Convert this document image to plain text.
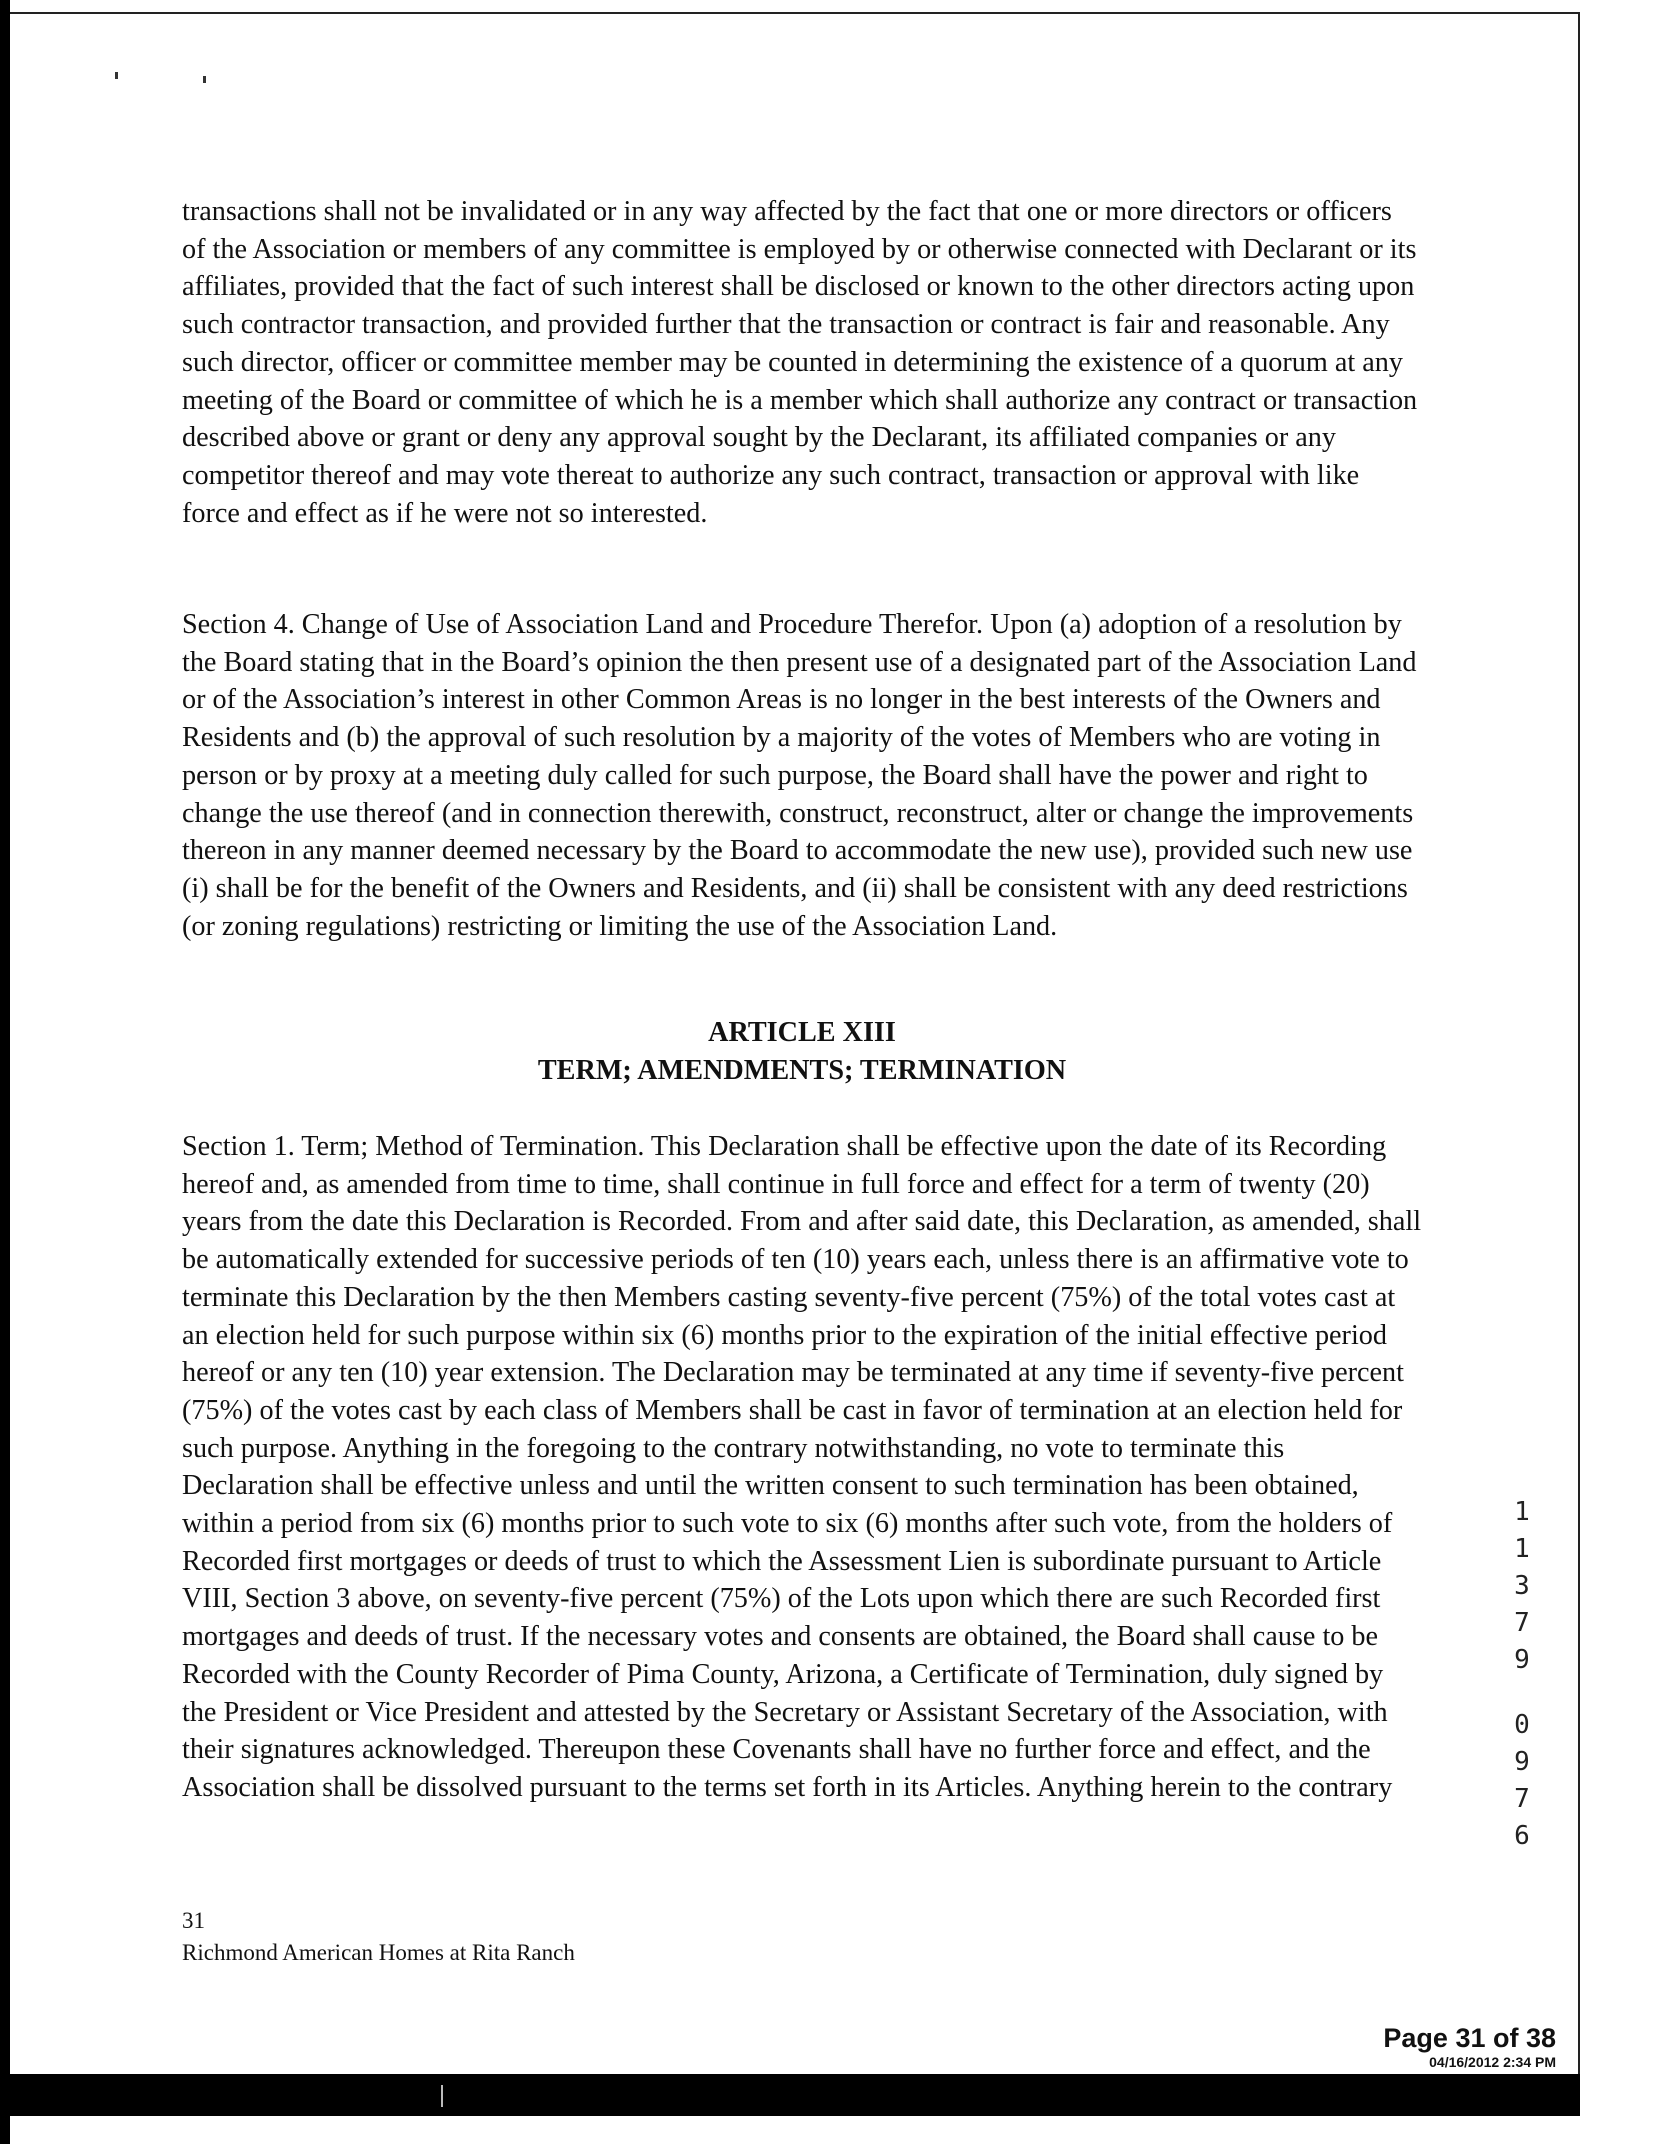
transactions shall not be invalidated or in any way affected by the fact that one or more directors or officers of the Association or members of any committee is employed by or otherwise connected with Declarant or its affiliates, provided that the fact of such interest shall be disclosed or known to the other directors acting upon such contractor transaction, and provided further that the transaction or contract is fair and reasonable. Any such director, officer or committee member may be counted in determining the existence of a quorum at any meeting of the Board or committee of which he is a member which shall authorize any contract or transaction described above or grant or deny any approval sought by the Declarant, its affiliated companies or any competitor thereof and may vote thereat to authorize any such contract, transaction or approval with like force and effect as if he were not so interested.

Section 4. Change of Use of Association Land and Procedure Therefor. Upon (a) adoption of a resolution by the Board stating that in the Board’s opinion the then present use of a designated part of the Association Land or of the Association’s interest in other Common Areas is no longer in the best interests of the Owners and Residents and (b) the approval of such resolution by a majority of the votes of Members who are voting in person or by proxy at a meeting duly called for such purpose, the Board shall have the power and right to change the use thereof (and in connection therewith, construct, reconstruct, alter or change the improvements thereon in any manner deemed necessary by the Board to accommodate the new use), provided such new use (i) shall be for the benefit of the Owners and Residents, and (ii) shall be consistent with any deed restrictions (or zoning regulations) restricting or limiting the use of the Association Land.

ARTICLE XIII
TERM; AMENDMENTS; TERMINATION

Section 1. Term; Method of Termination. This Declaration shall be effective upon the date of its Recording hereof and, as amended from time to time, shall continue in full force and effect for a term of twenty (20) years from the date this Declaration is Recorded. From and after said date, this Declaration, as amended, shall be automatically extended for successive periods of ten (10) years each, unless there is an affirmative vote to terminate this Declaration by the then Members casting seventy-five percent (75%) of the total votes cast at an election held for such purpose within six (6) months prior to the expiration of the initial effective period hereof or any ten (10) year extension. The Declaration may be terminated at any time if seventy-five percent (75%) of the votes cast by each class of Members shall be cast in favor of termination at an election held for such purpose. Anything in the foregoing to the contrary notwithstanding, no vote to terminate this Declaration shall be effective unless and until the written consent to such termination has been obtained, within a period from six (6) months prior to such vote to six (6) months after such vote, from the holders of Recorded first mortgages or deeds of trust to which the Assessment Lien is subordinate pursuant to Article VIII, Section 3 above, on seventy-five percent (75%) of the Lots upon which there are such Recorded first mortgages and deeds of trust. If the necessary votes and consents are obtained, the Board shall cause to be Recorded with the County Recorder of Pima County, Arizona, a Certificate of Termination, duly signed by the President or Vice President and attested by the Secretary or Assistant Secretary of the Association, with their signatures acknowledged. Thereupon these Covenants shall have no further force and effect, and the Association shall be dissolved pursuant to the terms set forth in its Articles. Anything herein to the contrary

31
Richmond American Homes at Rita Ranch
1
1
3
7
9
0
9
7
6
Page 31 of 38
04/16/2012 2:34 PM
